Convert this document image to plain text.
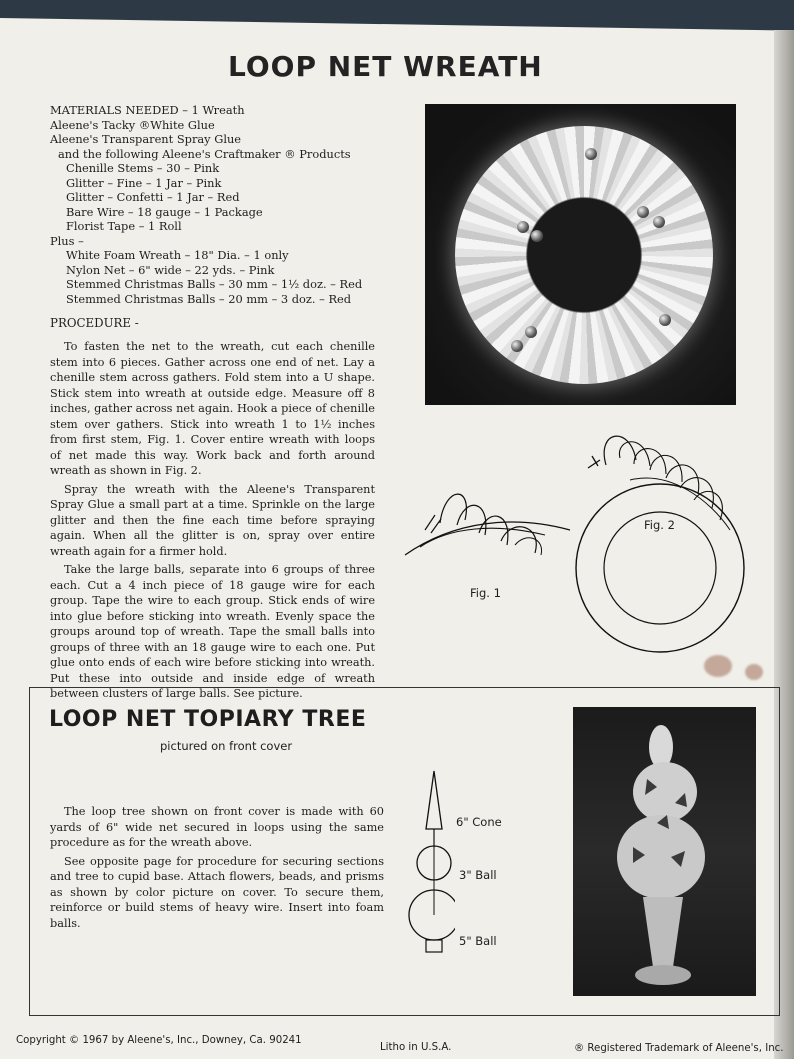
LOOP NET WREATH
MATERIALS NEEDED – 1 Wreath
Aleene's Tacky ®White Glue
Aleene's Transparent Spray Glue
and the following Aleene's Craftmaker ® Products
Chenille Stems – 30 – Pink
Glitter – Fine – 1 Jar – Pink
Glitter – Confetti – 1 Jar – Red
Bare Wire – 18 gauge – 1 Package
Florist Tape – 1 Roll
Plus –
White Foam Wreath – 18" Dia. – 1 only
Nylon Net – 6" wide – 22 yds. – Pink
Stemmed Christmas Balls – 30 mm – 1½ doz. – Red
Stemmed Christmas Balls – 20 mm – 3 doz. – Red
PROCEDURE -

To fasten the net to the wreath, cut each chenille stem into 6 pieces. Gather across one end of net. Lay a chenille stem across gathers. Fold stem into a U shape. Stick stem into wreath at outside edge. Measure off 8 inches, gather across net again. Hook a piece of chenille stem over gathers. Stick into wreath 1 to 1½ inches from first stem, Fig. 1. Cover entire wreath with loops of net made this way. Work back and forth around wreath as shown in Fig. 2.

Spray the wreath with the Aleene's Transparent Spray Glue a small part at a time. Sprinkle on the large glitter and then the fine each time before spraying again. When all the glitter is on, spray over entire wreath again for a firmer hold.

Take the large balls, separate into 6 groups of three each. Cut a 4 inch piece of 18 gauge wire for each group. Tape the wire to each group. Stick ends of wire into glue before sticking into wreath. Evenly space the groups around top of wreath. Tape the small balls into groups of three with an 18 gauge wire to each one. Put glue onto ends of each wire before sticking into wreath. Put these into outside and inside edge of wreath between clusters of large balls. See picture.

Fig. 1
Fig. 2
LOOP NET TOPIARY TREE
pictured on front cover

The loop tree shown on front cover is made with 60 yards of 6" wide net secured in loops using the same procedure as for the wreath above.

See opposite page for procedure for securing sections and tree to cupid base. Attach flowers, beads, and prisms as shown by color picture on cover. To secure them, reinforce or build stems of heavy wire. Insert into foam balls.

6" Cone
3" Ball
5" Ball
Copyright © 1967 by Aleene's, Inc., Downey, Ca. 90241
Litho in U.S.A.	® Registered Trademark of Aleene's, Inc.
